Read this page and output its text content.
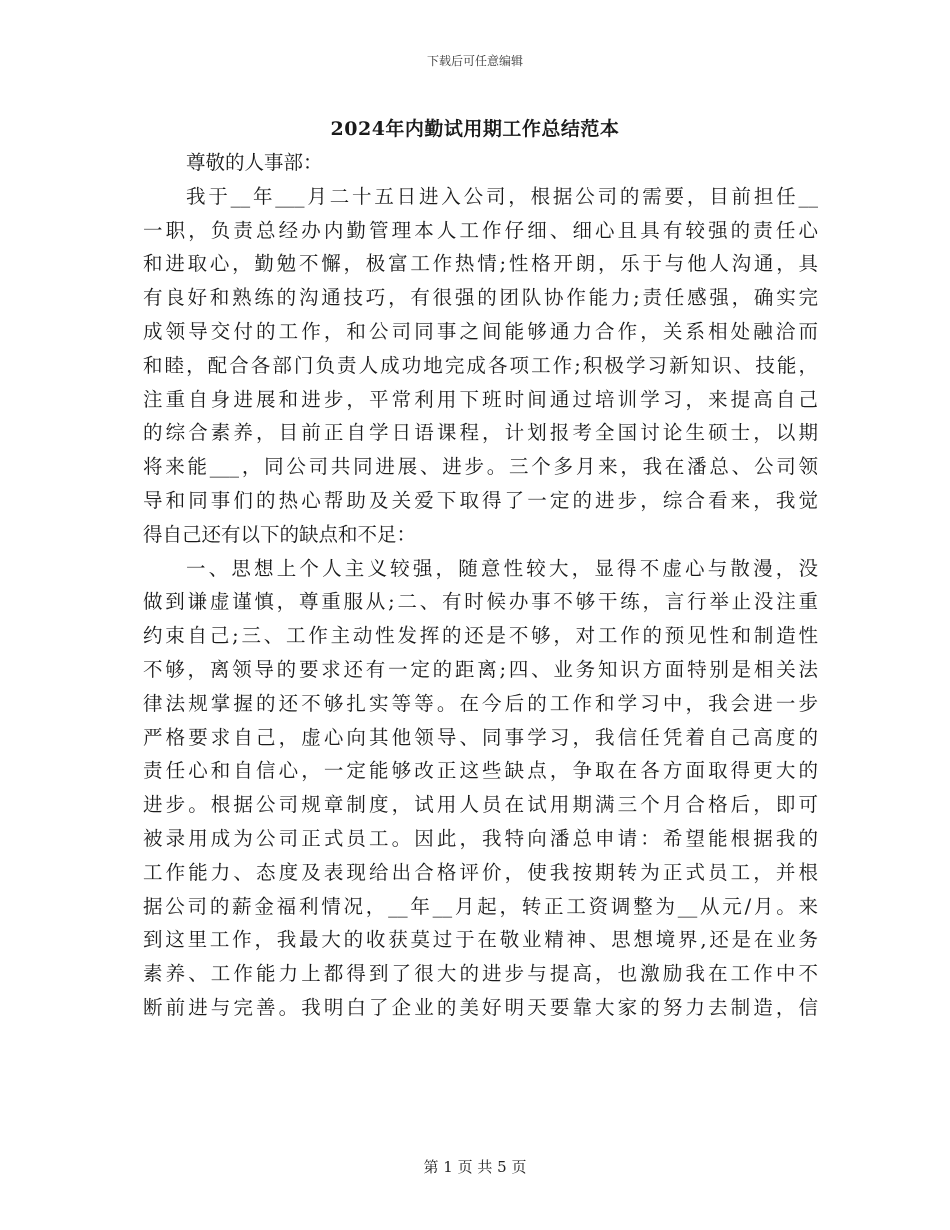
下载后可任意编辑
2024年内勤试用期工作总结范本
尊敬的人事部：
我于__年___月二十五日进入公司，根据公司的需要，目前担任__
一职，负责总经办内勤管理本人工作仔细、细心且具有较强的责任心
和进取心，勤勉不懈，极富工作热情;性格开朗，乐于与他人沟通，具
有良好和熟练的沟通技巧，有很强的团队协作能力;责任感强，确实完
成领导交付的工作，和公司同事之间能够通力合作，关系相处融洽而
和睦，配合各部门负责人成功地完成各项工作;积极学习新知识、技能，
注重自身进展和进步，平常利用下班时间通过培训学习，来提高自己
的综合素养，目前正自学日语课程，计划报考全国讨论生硕士，以期
将来能___，同公司共同进展、进步。三个多月来，我在潘总、公司领
导和同事们的热心帮助及关爱下取得了一定的进步，综合看来，我觉
得自己还有以下的缺点和不足：
一、思想上个人主义较强，随意性较大，显得不虚心与散漫，没
做到谦虚谨慎，尊重服从;二、有时候办事不够干练，言行举止没注重
约束自己;三、工作主动性发挥的还是不够，对工作的预见性和制造性
不够，离领导的要求还有一定的距离;四、业务知识方面特别是相关法
律法规掌握的还不够扎实等等。在今后的工作和学习中，我会进一步
严格要求自己，虚心向其他领导、同事学习，我信任凭着自己高度的
责任心和自信心，一定能够改正这些缺点，争取在各方面取得更大的
进步。根据公司规章制度，试用人员在试用期满三个月合格后，即可
被录用成为公司正式员工。因此，我特向潘总申请：希望能根据我的
工作能力、态度及表现给出合格评价，使我按期转为正式员工，并根
据公司的薪金福利情况，__年__月起，转正工资调整为__从元/月。来
到这里工作，我最大的收获莫过于在敬业精神、思想境界,还是在业务
素养、工作能力上都得到了很大的进步与提高，也激励我在工作中不
断前进与完善。我明白了企业的美好明天要靠大家的努力去制造，信
第 1 页 共 5 页
